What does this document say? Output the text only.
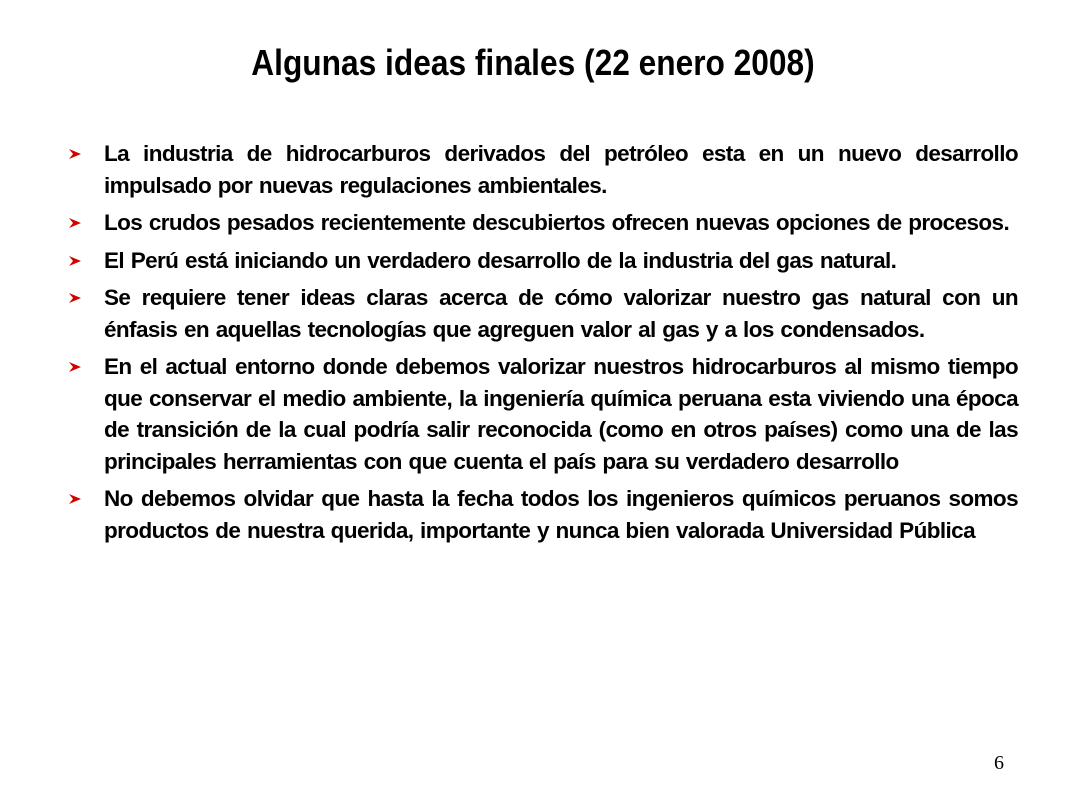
Algunas ideas finales (22 enero 2008)
La industria de hidrocarburos derivados del petróleo esta en un nuevo desarrollo impulsado por nuevas regulaciones ambientales.
Los crudos pesados recientemente descubiertos ofrecen nuevas opciones de procesos.
El Perú está iniciando un verdadero desarrollo de la industria del gas natural.
Se requiere tener ideas claras acerca de cómo valorizar nuestro gas natural con un énfasis en aquellas tecnologías que agreguen valor al gas y a los condensados.
En el actual entorno donde debemos valorizar nuestros hidrocarburos al mismo tiempo que conservar el medio ambiente, la ingeniería química peruana esta viviendo una época de transición de la cual podría salir reconocida (como en otros países) como una de las principales herramientas con que cuenta el país para su verdadero desarrollo
No debemos olvidar que hasta la fecha todos los ingenieros químicos peruanos somos productos de nuestra querida, importante y nunca bien valorada Universidad Pública
6
